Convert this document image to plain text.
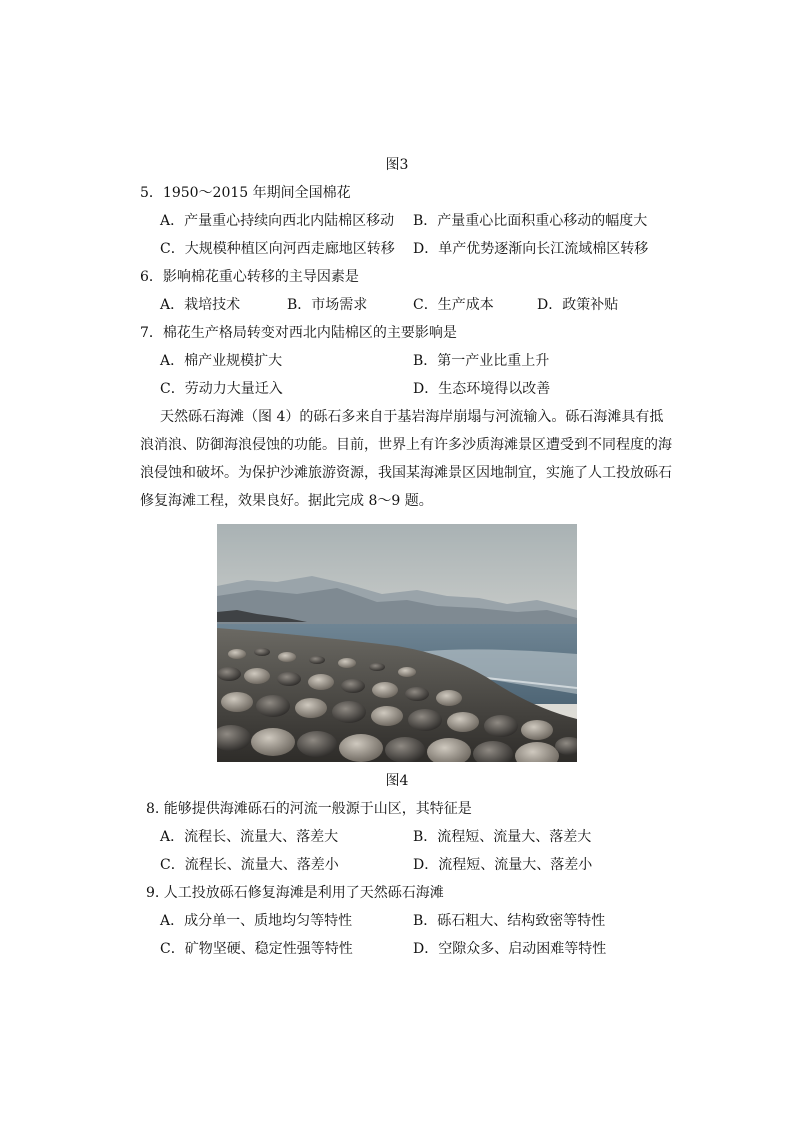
图3
5．1950～2015 年期间全国棉花
A．产量重心持续向西北内陆棉区移动 B．产量重心比面积重心移动的幅度大
C．大规模种植区向河西走廊地区转移 D．单产优势逐渐向长江流域棉区转移
6．影响棉花重心转移的主导因素是
A．栽培技术	B．市场需求	C．生产成本	D．政策补贴
7．棉花生产格局转变对西北内陆棉区的主要影响是
A．棉产业规模扩大	B．第一产业比重上升
C．劳动力大量迁入	D．生态环境得以改善
天然砾石海滩（图 4）的砾石多来自于基岩海岸崩塌与河流输入。砾石海滩具有抵
浪消浪、防御海浪侵蚀的功能。目前，世界上有许多沙质海滩景区遭受到不同程度的海
浪侵蚀和破坏。为保护沙滩旅游资源，我国某海滩景区因地制宜，实施了人工投放砾石
修复海滩工程，效果良好。据此完成 8～9 题。
图4
8. 能够提供海滩砾石的河流一般源于山区，其特征是
A．流程长、流量大、落差大	B．流程短、流量大、落差大
C．流程长、流量大、落差小	D．流程短、流量大、落差小
9. 人工投放砾石修复海滩是利用了天然砾石海滩
A．成分单一、质地均匀等特性	B．砾石粗大、结构致密等特性
C．矿物坚硬、稳定性强等特性	D．空隙众多、启动困难等特性
